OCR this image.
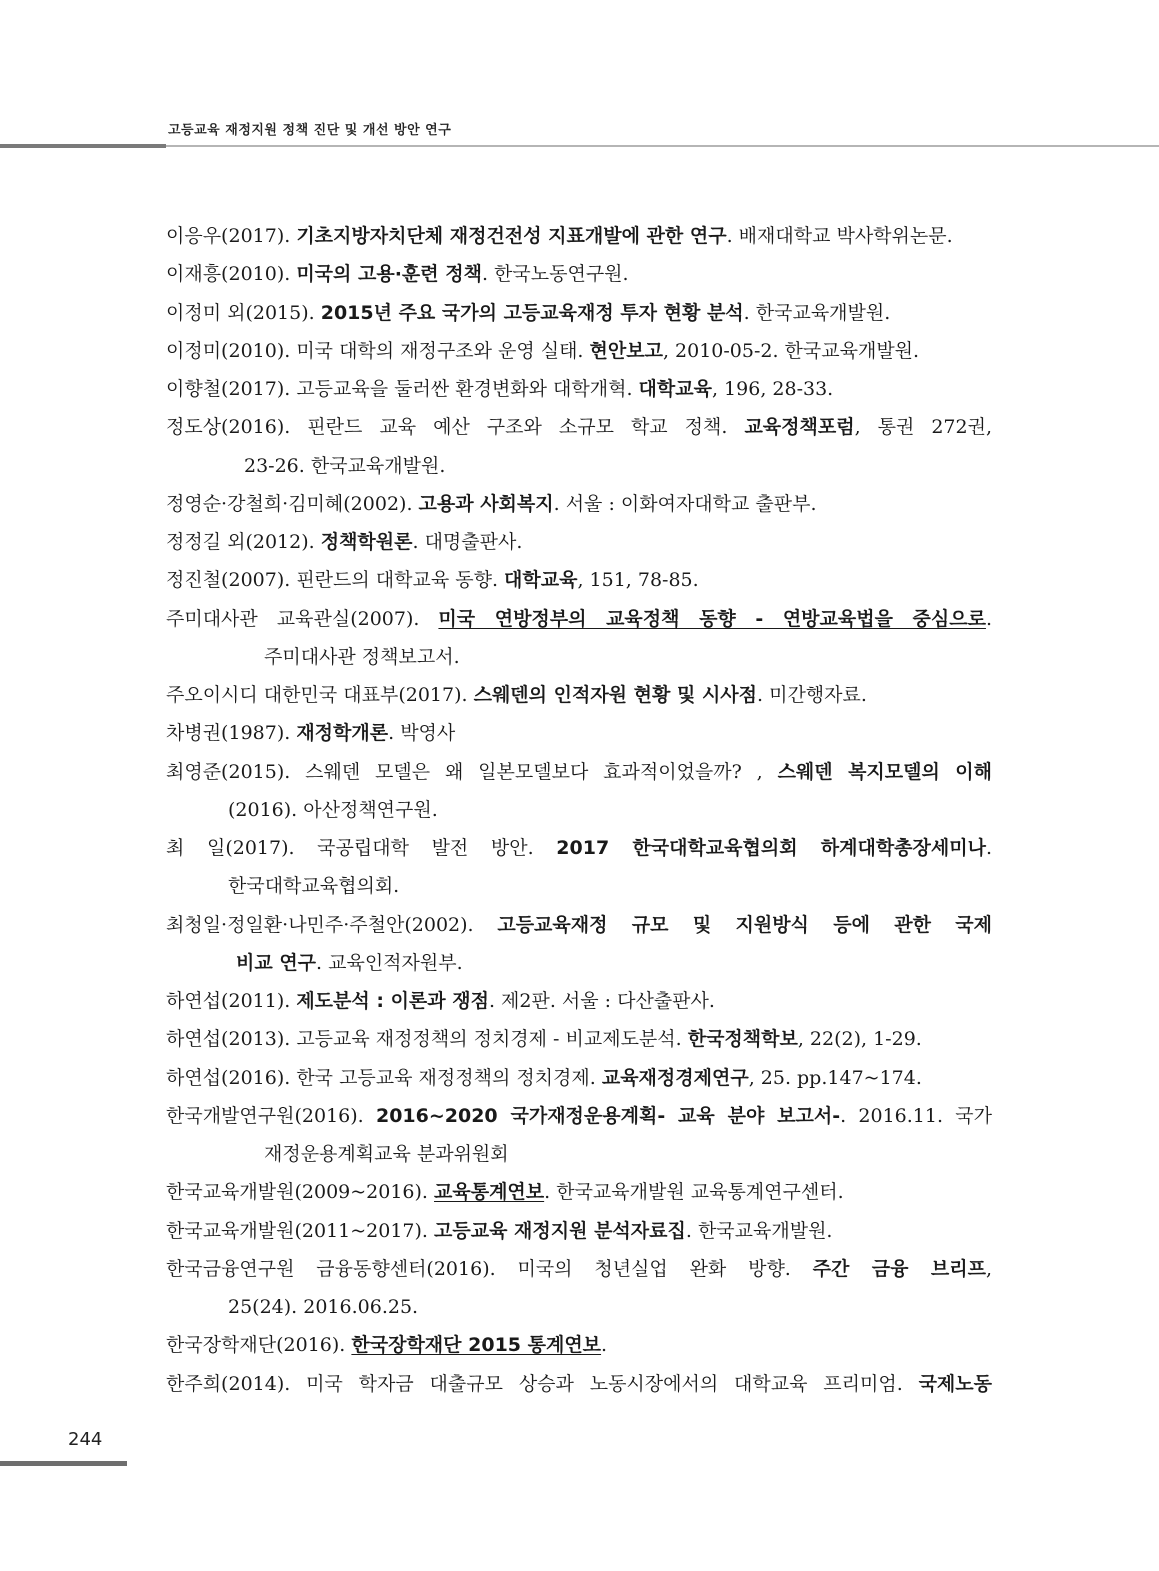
고등교육 재정지원 정책 진단 및 개선 방안 연구
이응우(2017). 기초지방자치단체 재정건전성 지표개발에 관한 연구. 배재대학교 박사학위논문.
이재흥(2010). 미국의 고용·훈련 정책. 한국노동연구원.
이정미 외(2015). 2015년 주요 국가의 고등교육재정 투자 현황 분석. 한국교육개발원.
이정미(2010). 미국 대학의 재정구조와 운영 실태. 현안보고, 2010-05-2. 한국교육개발원.
이향철(2017). 고등교육을 둘러싼 환경변화와 대학개혁. 대학교육, 196, 28-33.
정도상(2016). 핀란드 교육 예산 구조와 소규모 학교 정책. 교육정책포럼, 통권 272권,
23-26. 한국교육개발원.
정영순·강철희·김미혜(2002). 고용과 사회복지. 서울 : 이화여자대학교 출판부.
정정길 외(2012). 정책학원론. 대명출판사.
정진철(2007). 핀란드의 대학교육 동향. 대학교육, 151, 78-85.
주미대사관 교육관실(2007). 미국 연방정부의 교육정책 동향 - 연방교육법을 중심으로.
주미대사관 정책보고서.
주오이시디 대한민국 대표부(2017). 스웨덴의 인적자원 현황 및 시사점. 미간행자료.
차병권(1987). 재정학개론. 박영사
최영준(2015). 스웨덴 모델은 왜 일본모델보다 효과적이었을까? , 스웨덴 복지모델의 이해
(2016). 아산정책연구원.
최 일(2017). 국공립대학 발전 방안. 2017 한국대학교육협의회 하계대학총장세미나.
한국대학교육협의회.
최청일·정일환·나민주·주철안(2002). 고등교육재정 규모 및 지원방식 등에 관한 국제
비교 연구. 교육인적자원부.
하연섭(2011). 제도분석 : 이론과 쟁점. 제2판. 서울 : 다산출판사.
하연섭(2013). 고등교육 재정정책의 정치경제 - 비교제도분석. 한국정책학보, 22(2), 1-29.
하연섭(2016). 한국 고등교육 재정정책의 정치경제. 교육재정경제연구, 25. pp.147~174.
한국개발연구원(2016). 2016~2020 국가재정운용계획- 교육 분야 보고서-. 2016.11. 국가
재정운용계획교육 분과위원회
한국교육개발원(2009~2016). 교육통계연보. 한국교육개발원 교육통계연구센터.
한국교육개발원(2011~2017). 고등교육 재정지원 분석자료집. 한국교육개발원.
한국금융연구원 금융동향센터(2016). 미국의 청년실업 완화 방향. 주간 금융 브리프,
25(24). 2016.06.25.
한국장학재단(2016). 한국장학재단 2015 통계연보.
한주희(2014). 미국 학자금 대출규모 상승과 노동시장에서의 대학교육 프리미엄. 국제노동
244
